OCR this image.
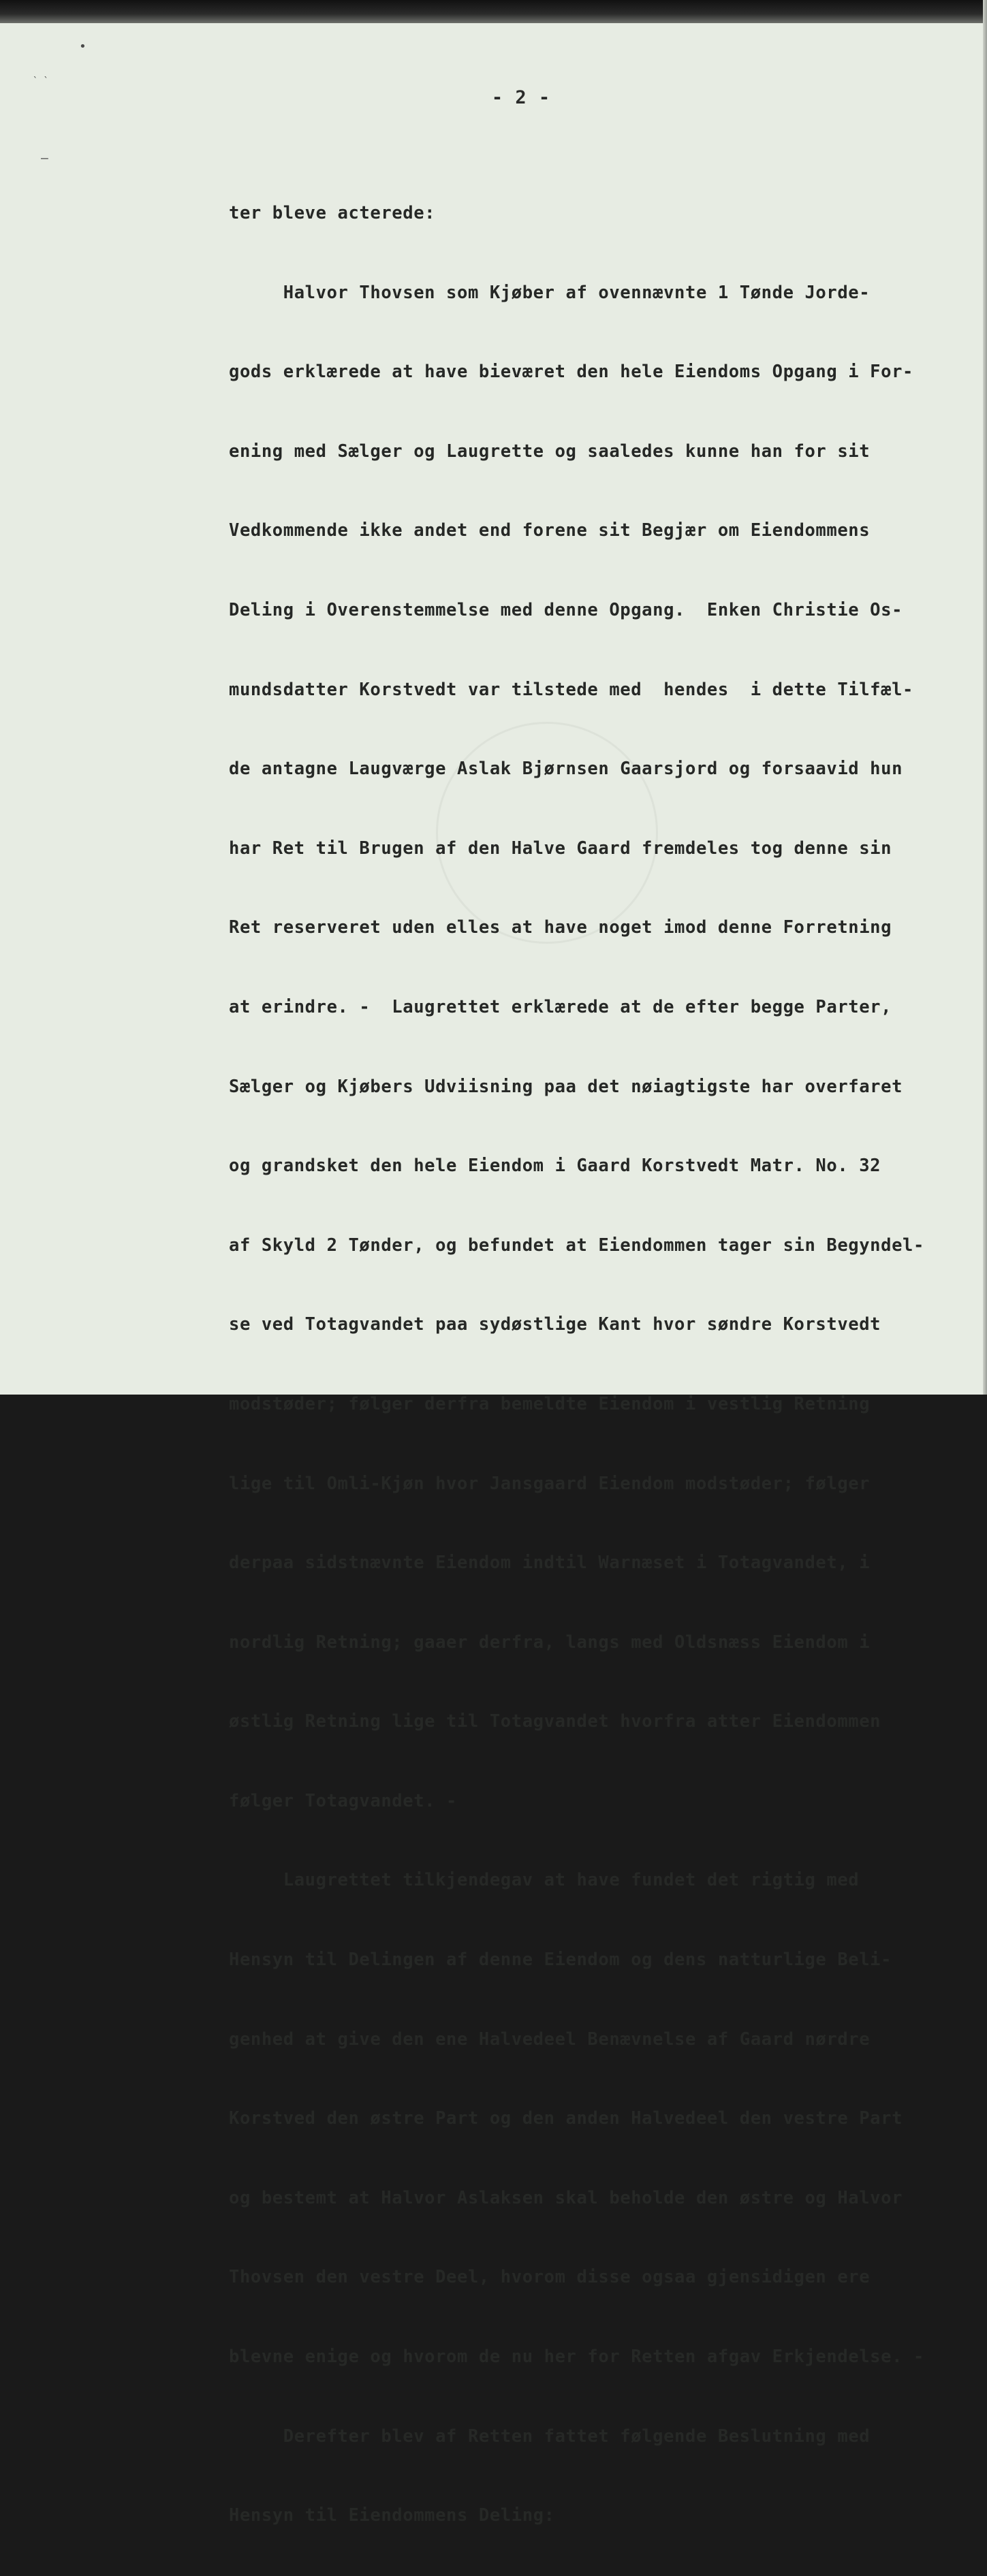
•
` `
–
- 2 -

ter bleve acterede:

Halvor Thovsen som Kjøber af ovennævnte 1 Tønde Jorde-

gods erklærede at have bieværet den hele Eiendoms Opgang i For-

ening med Sælger og Laugrette og saaledes kunne han for sit

Vedkommende ikke andet end forene sit Begjær om Eiendommens

Deling i Overenstemmelse med denne Opgang.  Enken Christie Os-

mundsdatter Korstvedt var tilstede med  hendes  i dette Tilfæl-

de antagne Laugværge Aslak Bjørnsen Gaarsjord og forsaavid hun

har Ret til Brugen af den Halve Gaard fremdeles tog denne sin

Ret reserveret uden elles at have noget imod denne Forretning

at erindre. -  Laugrettet erklærede at de efter begge Parter,

Sælger og Kjøbers Udviisning paa det nøiagtigste har overfaret

og grandsket den hele Eiendom i Gaard Korstvedt Matr. No. 32

af Skyld 2 Tønder, og befundet at Eiendommen tager sin Begyndel-

se ved Totagvandet paa sydøstlige Kant hvor søndre Korstvedt

modstøder; følger derfra bemeldte Eiendom i vestlig Retning

lige til Omli-Kjøn hvor Jansgaard Eiendom modstøder; følger

derpaa sidstnævnte Eiendom indtil Warnæset i Totagvandet, i

nordlig Retning; gaaer derfra, langs med Oldsnæss Eiendom i

østlig Retning lige til Totagvandet hvorfra atter Eiendommen

følger Totagvandet. -

Laugrettet tilkjendegav at have fundet det rigtig med

Hensyn til Delingen af denne Eiendom og dens natturlige Beli-

genhed at give den ene Halvedeel Benævnelse af Gaard nørdre

Korstved den østre Part og den anden Halvedeel den vestre Part

og bestemt at Halvor Aslaksen skal beholde den østre og Halvor

Thovsen den vestre Deel, hvorom disse ogsaa gjensidigen ere

blevne enige og hvorom de nu her for Retten afgav Erkjendelse. -

Derefter blev af Retten fattet følgende Beslutning med

Hensyn til Eiendommens Deling:
